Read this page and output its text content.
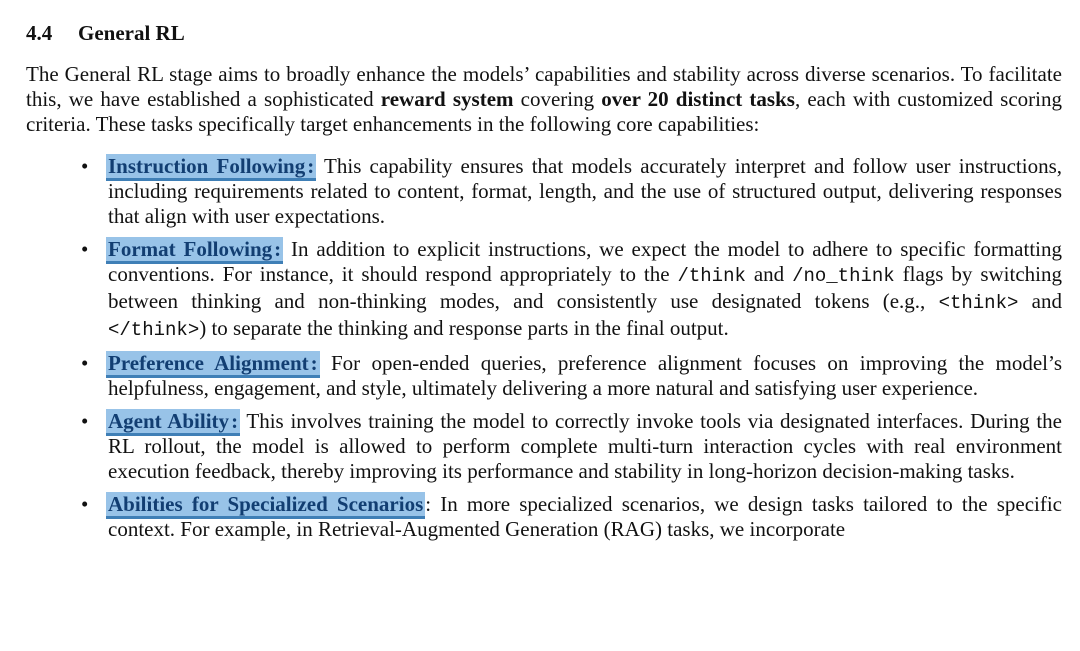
4.4 General RL

The General RL stage aims to broadly enhance the models’ capabilities and stability across diverse scenarios. To facilitate this, we have established a sophisticated reward system covering over 20 distinct tasks, each with customized scoring criteria. These tasks specifically target enhancements in the following core capabilities:

• Instruction Following: This capability ensures that models accurately interpret and follow user instructions, including requirements related to content, format, length, and the use of structured output, delivering responses that align with user expectations.
• Format Following: In addition to explicit instructions, we expect the model to adhere to specific formatting conventions. For instance, it should respond appropriately to the /think and /no_think flags by switching between thinking and non-thinking modes, and consistently use designated tokens (e.g., <think> and </think>) to separate the thinking and response parts in the final output.
• Preference Alignment: For open-ended queries, preference alignment focuses on improving the model’s helpfulness, engagement, and style, ultimately delivering a more natural and satisfying user experience.
• Agent Ability: This involves training the model to correctly invoke tools via designated interfaces. During the RL rollout, the model is allowed to perform complete multi-turn interaction cycles with real environment execution feedback, thereby improving its performance and stability in long-horizon decision-making tasks.
• Abilities for Specialized Scenarios: In more specialized scenarios, we design tasks tailored to the specific context. For example, in Retrieval-Augmented Generation (RAG) tasks, we incorporate
